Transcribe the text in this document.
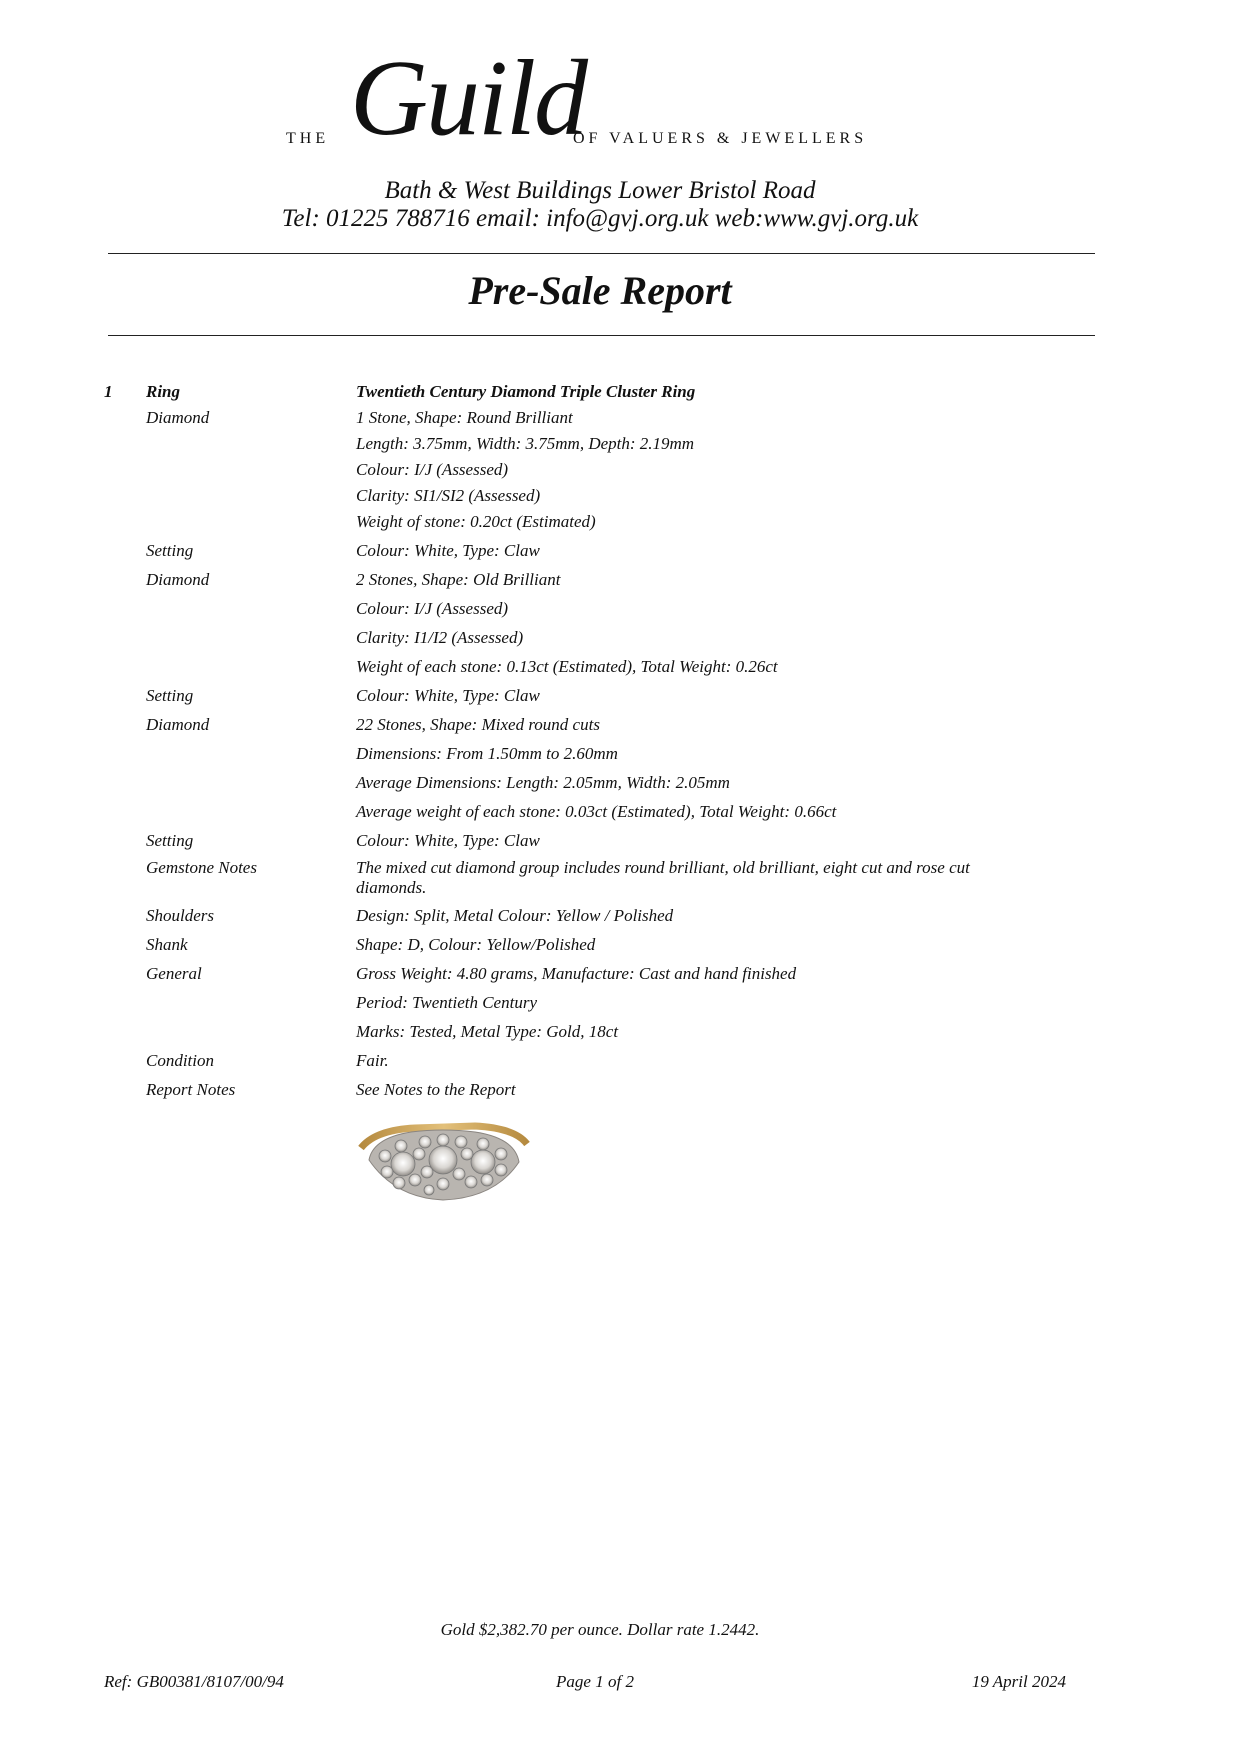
THE Guild
OF VALUERS & JEWELLERS
Bath & West Buildings Lower Bristol Road
Tel: 01225 788716 email: info@gvj.org.uk web:www.gvj.org.uk
Pre-Sale Report
1 Ring	Twentieth Century Diamond Triple Cluster Ring
Diamond	1 Stone, Shape: Round Brilliant
Length: 3.75mm, Width: 3.75mm, Depth: 2.19mm
Colour: I/J (Assessed)
Clarity: SI1/SI2 (Assessed)
Weight of stone: 0.20ct (Estimated)
Setting	Colour: White, Type: Claw
Diamond	2 Stones, Shape: Old Brilliant
Colour: I/J (Assessed)
Clarity: I1/I2 (Assessed)
Weight of each stone: 0.13ct (Estimated), Total Weight: 0.26ct
Setting	Colour: White, Type: Claw
Diamond	22 Stones, Shape: Mixed round cuts
Dimensions: From 1.50mm to 2.60mm
Average Dimensions: Length: 2.05mm, Width: 2.05mm
Average weight of each stone: 0.03ct (Estimated), Total Weight: 0.66ct
Setting	Colour: White, Type: Claw
Gemstone Notes	The mixed cut diamond group includes round brilliant, old brilliant, eight cut and rose cut diamonds.
Shoulders	Design: Split, Metal Colour: Yellow / Polished
Shank	Shape: D, Colour: Yellow/Polished
General	Gross Weight: 4.80 grams, Manufacture: Cast and hand finished
Period: Twentieth Century
Marks: Tested, Metal Type: Gold, 18ct
Condition	Fair.
Report Notes	See Notes to the Report
Gold $2,382.70 per ounce. Dollar rate 1.2442.
Ref: GB00381/8107/00/94	Page 1 of 2	19 April 2024
